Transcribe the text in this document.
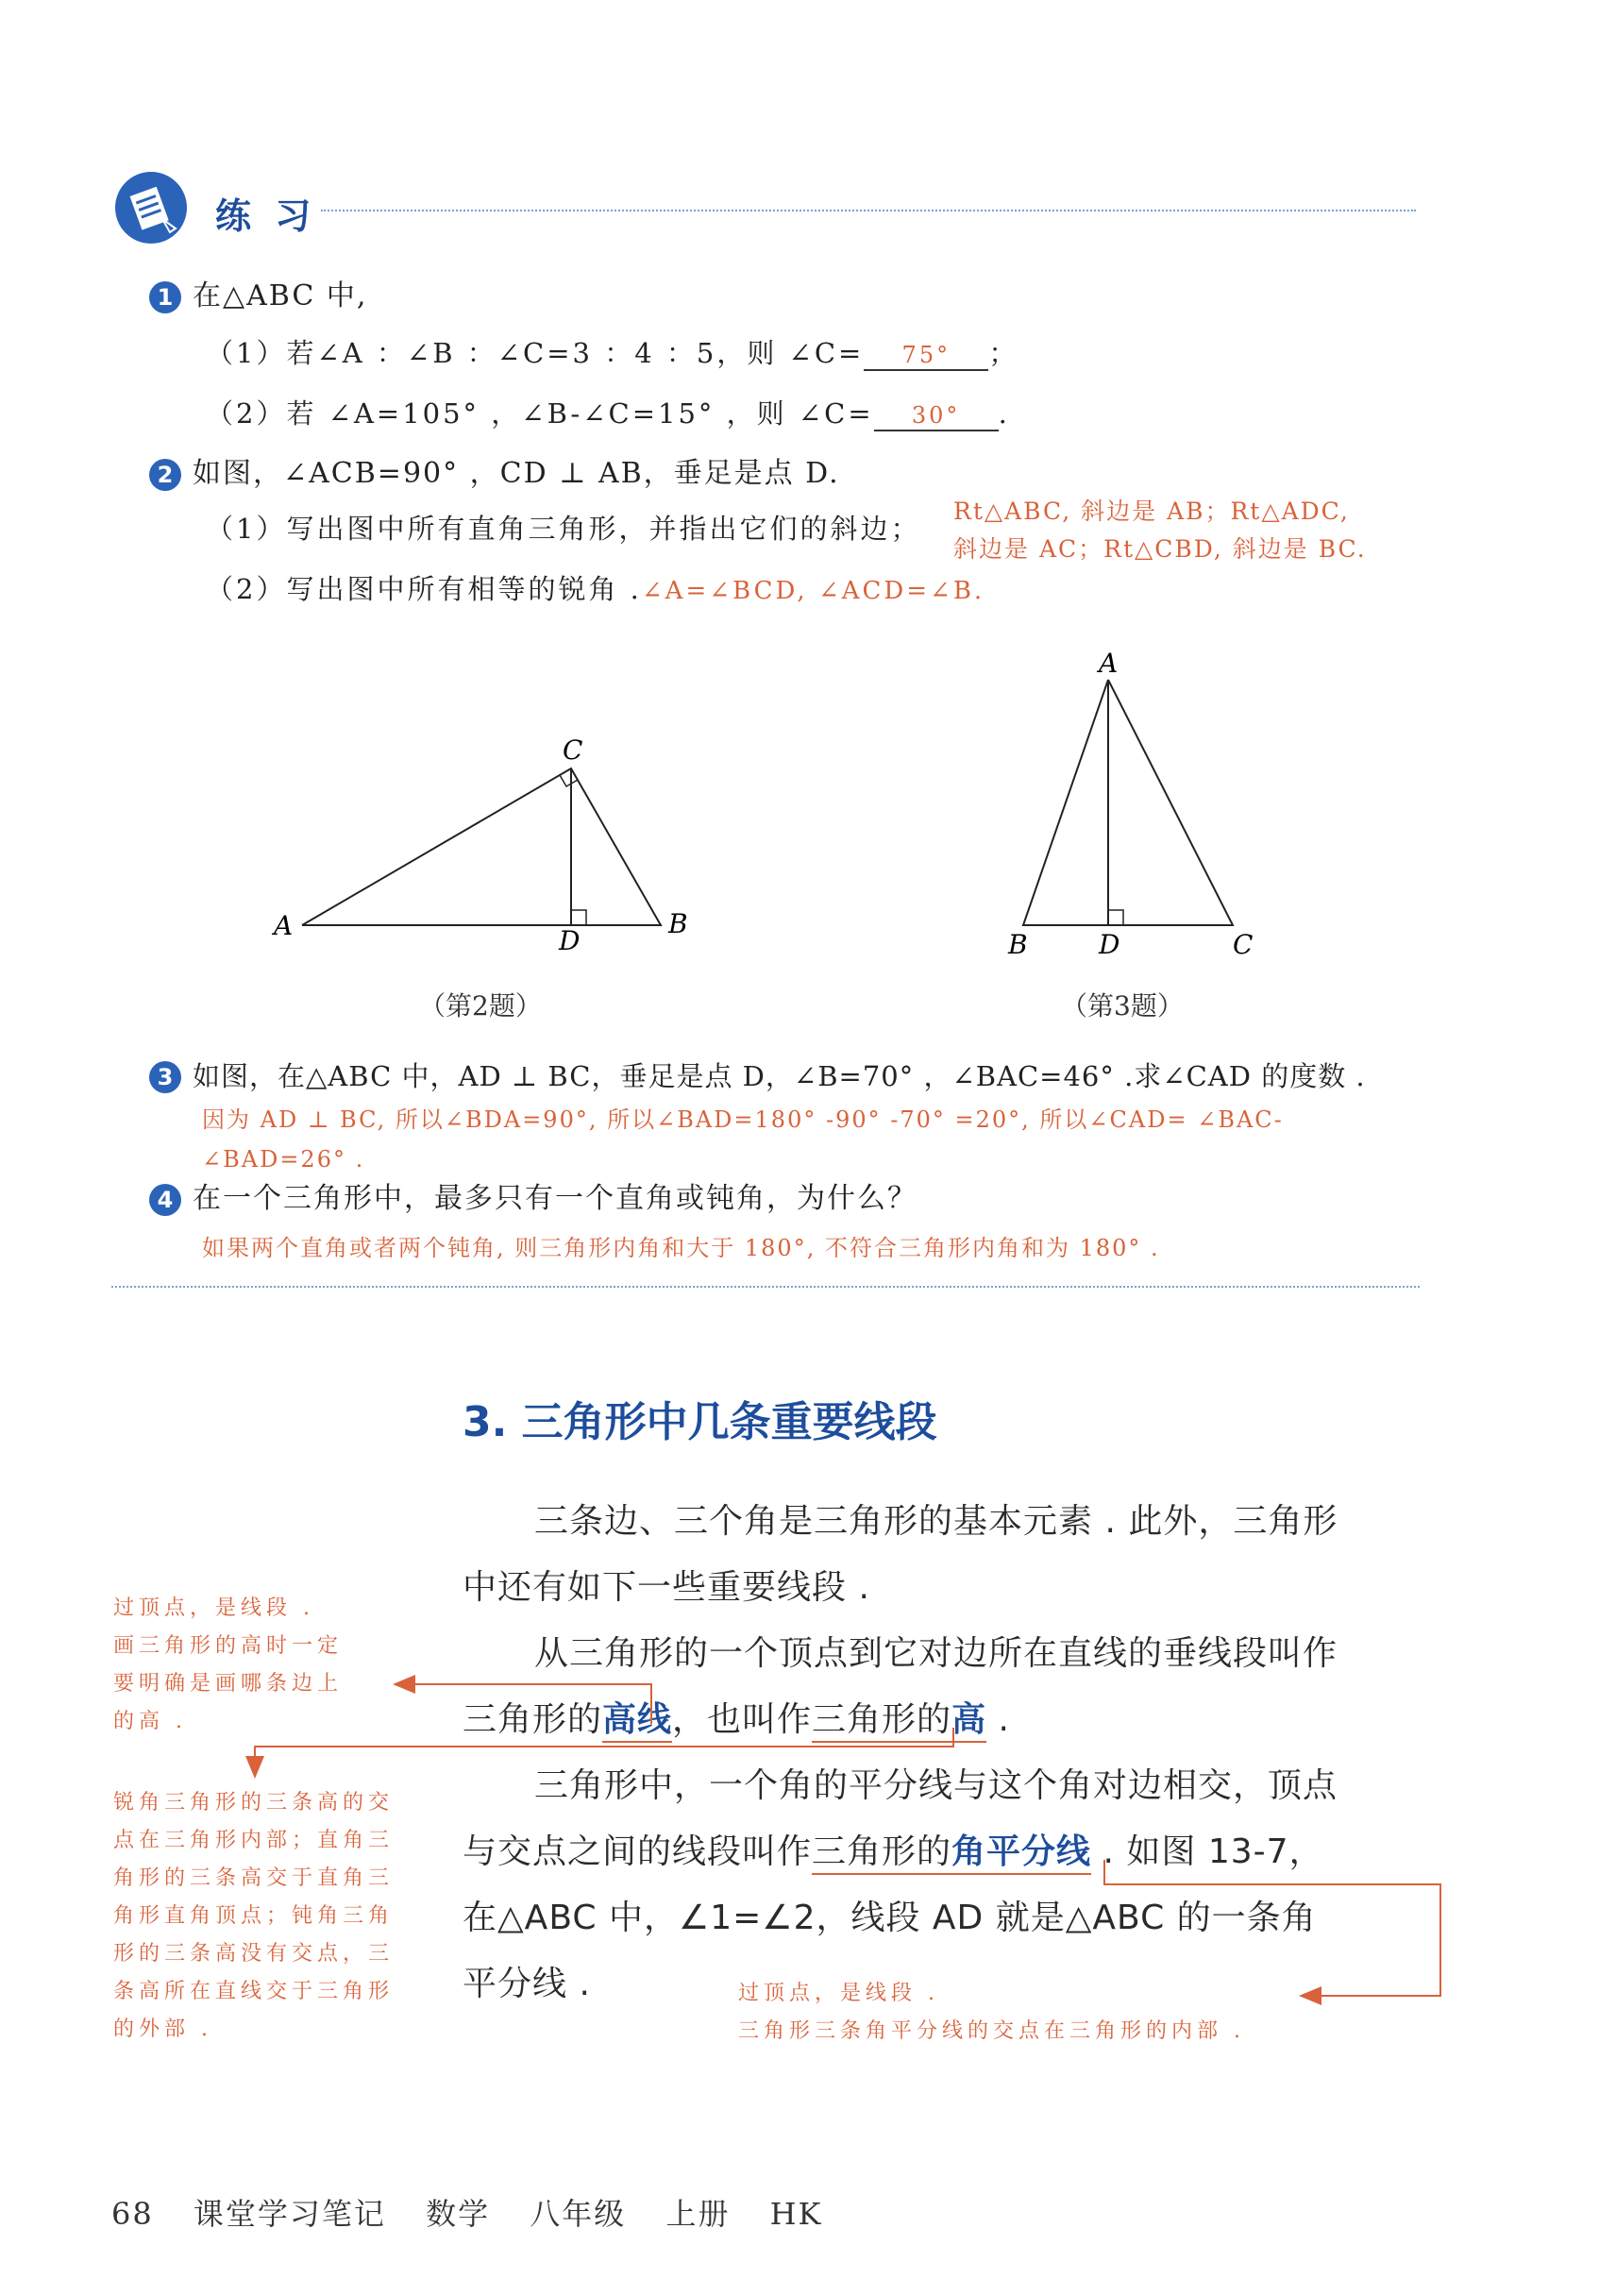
练 习
1 在△ABC 中,
（1）若∠A ：∠B ：∠C=3 ：4 ：5，则 ∠C= 75° ；
（2）若 ∠A=105° ，∠B-∠C=15° ，则 ∠C= 30° .
2 如图，∠ACB=90° ，CD ⊥ AB，垂足是点 D.
（1）写出图中所有直角三角形，并指出它们的斜边；
Rt△ABC, 斜边是 AB；Rt△ADC,
斜边是 AC；Rt△CBD, 斜边是 BC.
（2）写出图中所有相等的锐角 .∠A=∠BCD, ∠ACD=∠B.
A
C
B
D
（第2题）
A
B	D	C
（第3题）
3 如图，在△ABC 中，AD ⊥ BC，垂足是点 D，∠B=70° ，∠BAC=46° .求∠CAD 的度数 .
因为 AD ⊥ BC, 所以∠BDA=90°, 所以∠BAD=180° -90° -70° =20°, 所以∠CAD= ∠BAC-
∠BAD=26° .
4 在一个三角形中，最多只有一个直角或钝角，为什么？
如果两个直角或者两个钝角, 则三角形内角和大于 180°, 不符合三角形内角和为 180° .
3. 三角形中几条重要线段
三条边、三个角是三角形的基本元素 . 此外，三角形
中还有如下一些重要线段 .
从三角形的一个顶点到它对边所在直线的垂线段叫作
三角形的高线，也叫作三角形的高 .
三角形中，一个角的平分线与这个角对边相交，顶点
与交点之间的线段叫作三角形的角平分线 . 如图 13-7，
在△ABC 中，∠1=∠2，线段 AD 就是△ABC 的一条角
平分线 .
过顶点，是线段 .
画三角形的高时一定
要明确是画哪条边上
的高 .
锐角三角形的三条高的交
点在三角形内部；直角三
角形的三条高交于直角三
角形直角顶点；钝角三角
形的三条高没有交点，三
条高所在直线交于三角形
的外部 .
过顶点，是线段 .
三角形三条角平分线的交点在三角形的内部 .
68 课堂学习笔记 数学 八年级 上册 HK
